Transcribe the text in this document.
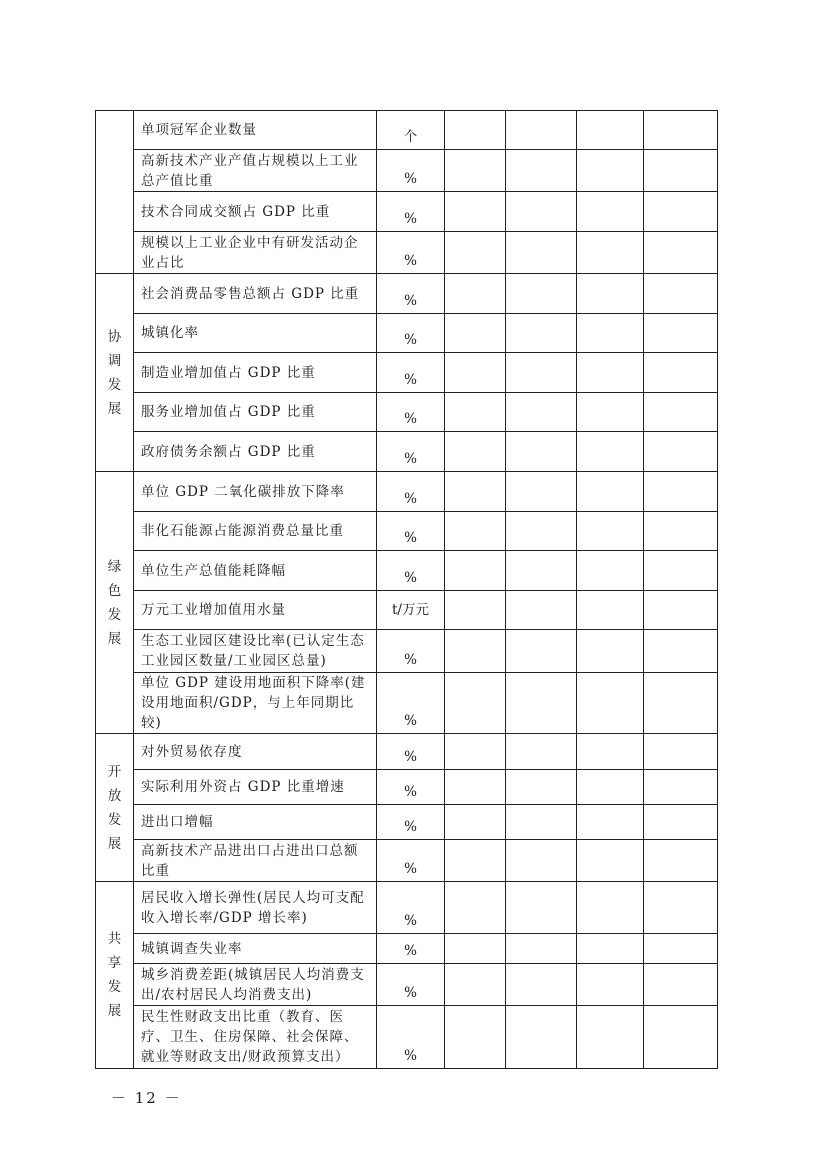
	单项冠军企业数量	个				
	高新技术产业产值占规模以上工业总产值比重	%				
	技术合同成交额占 GDP 比重	%				
	规模以上工业企业中有研发活动企业占比	%				
协调发展	社会消费品零售总额占 GDP 比重	%				
	城镇化率	%				
	制造业增加值占 GDP 比重	%				
	服务业增加值占 GDP 比重	%				
	政府债务余额占 GDP 比重	%				
绿色发展	单位 GDP 二氧化碳排放下降率	%				
	非化石能源占能源消费总量比重	%				
	单位生产总值能耗降幅	%				
	万元工业增加值用水量	t/万元				
	生态工业园区建设比率(已认定生态工业园区数量/工业园区总量)	%				
	单位 GDP 建设用地面积下降率(建设用地面积/GDP，与上年同期比较)	%				
开放发展	对外贸易依存度	%				
	实际利用外资占 GDP 比重增速	%				
	进出口增幅	%				
	高新技术产品进出口占进出口总额比重	%				
共享发展	居民收入增长弹性(居民人均可支配收入增长率/GDP 增长率)	%				
	城镇调查失业率	%				
	城乡消费差距(城镇居民人均消费支出/农村居民人均消费支出)	%				
	民生性财政支出比重（教育、医疗、卫生、住房保障、社会保障、就业等财政支出/财政预算支出）	%				
－ 12 －
